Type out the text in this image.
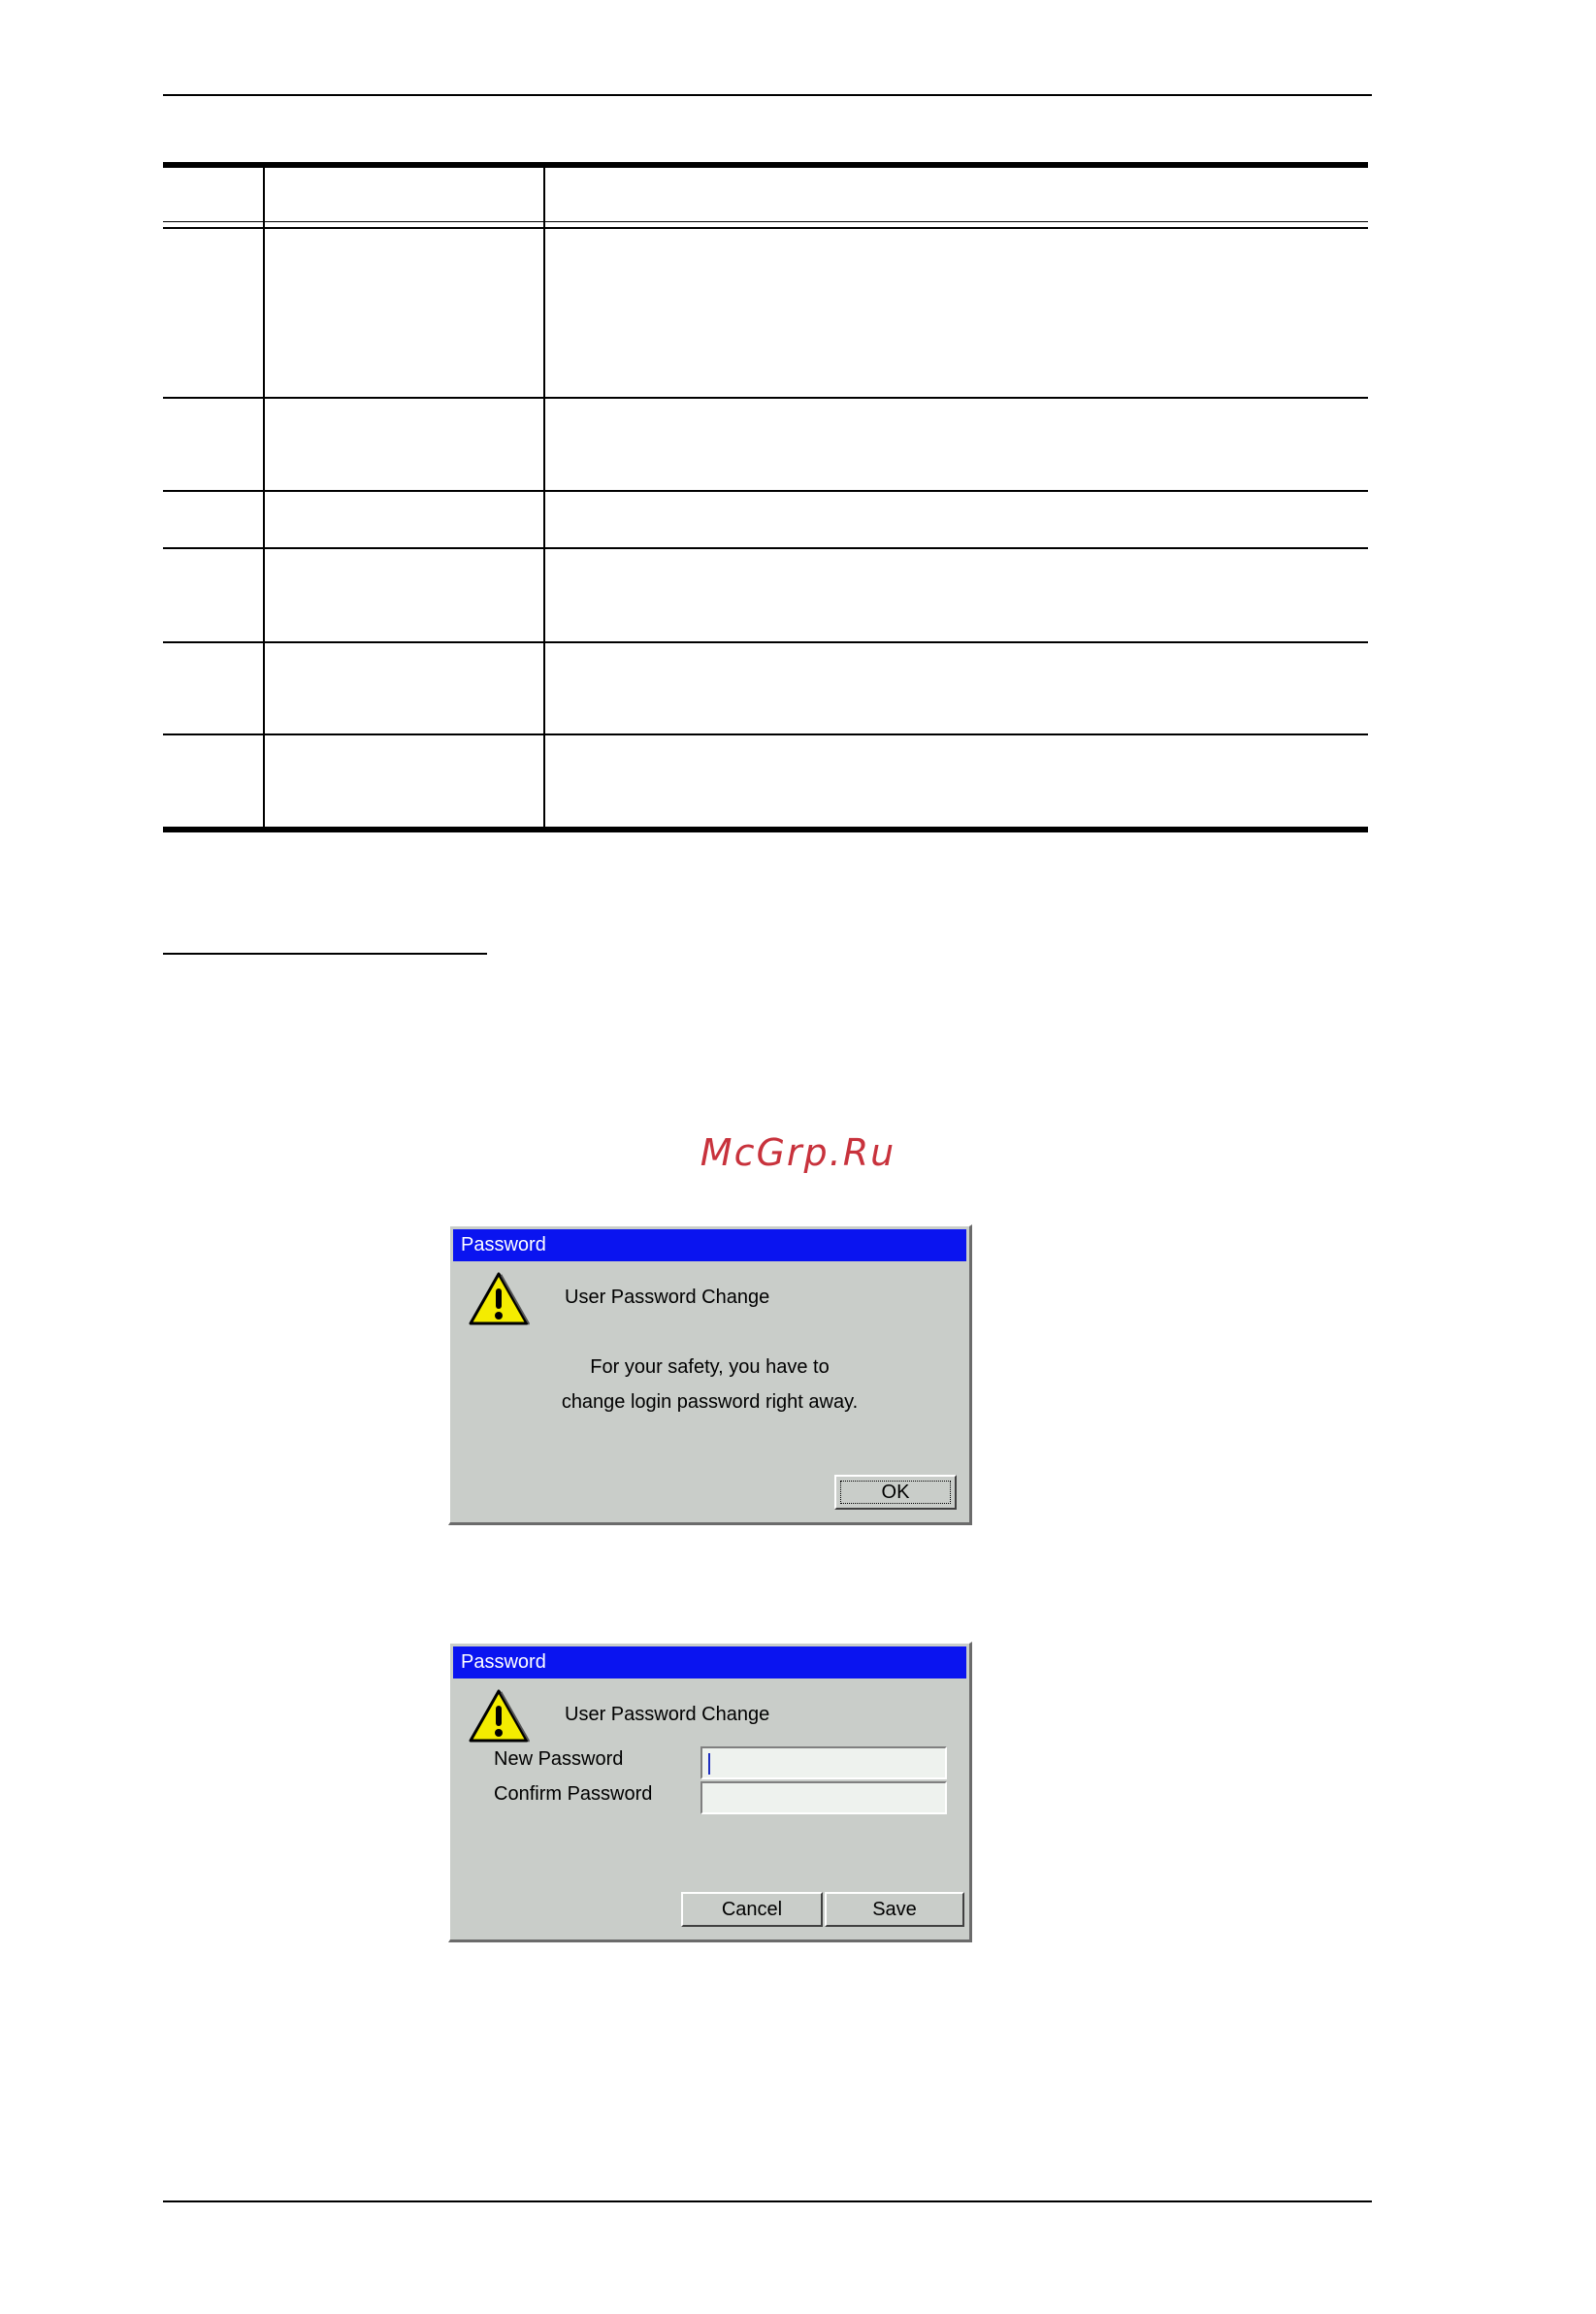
McGrp.Ru
Password
User Password Change
For your safety, you have to
change login password right away.
OK
Password
User Password Change
New Password
Confirm Password
Cancel	Save
